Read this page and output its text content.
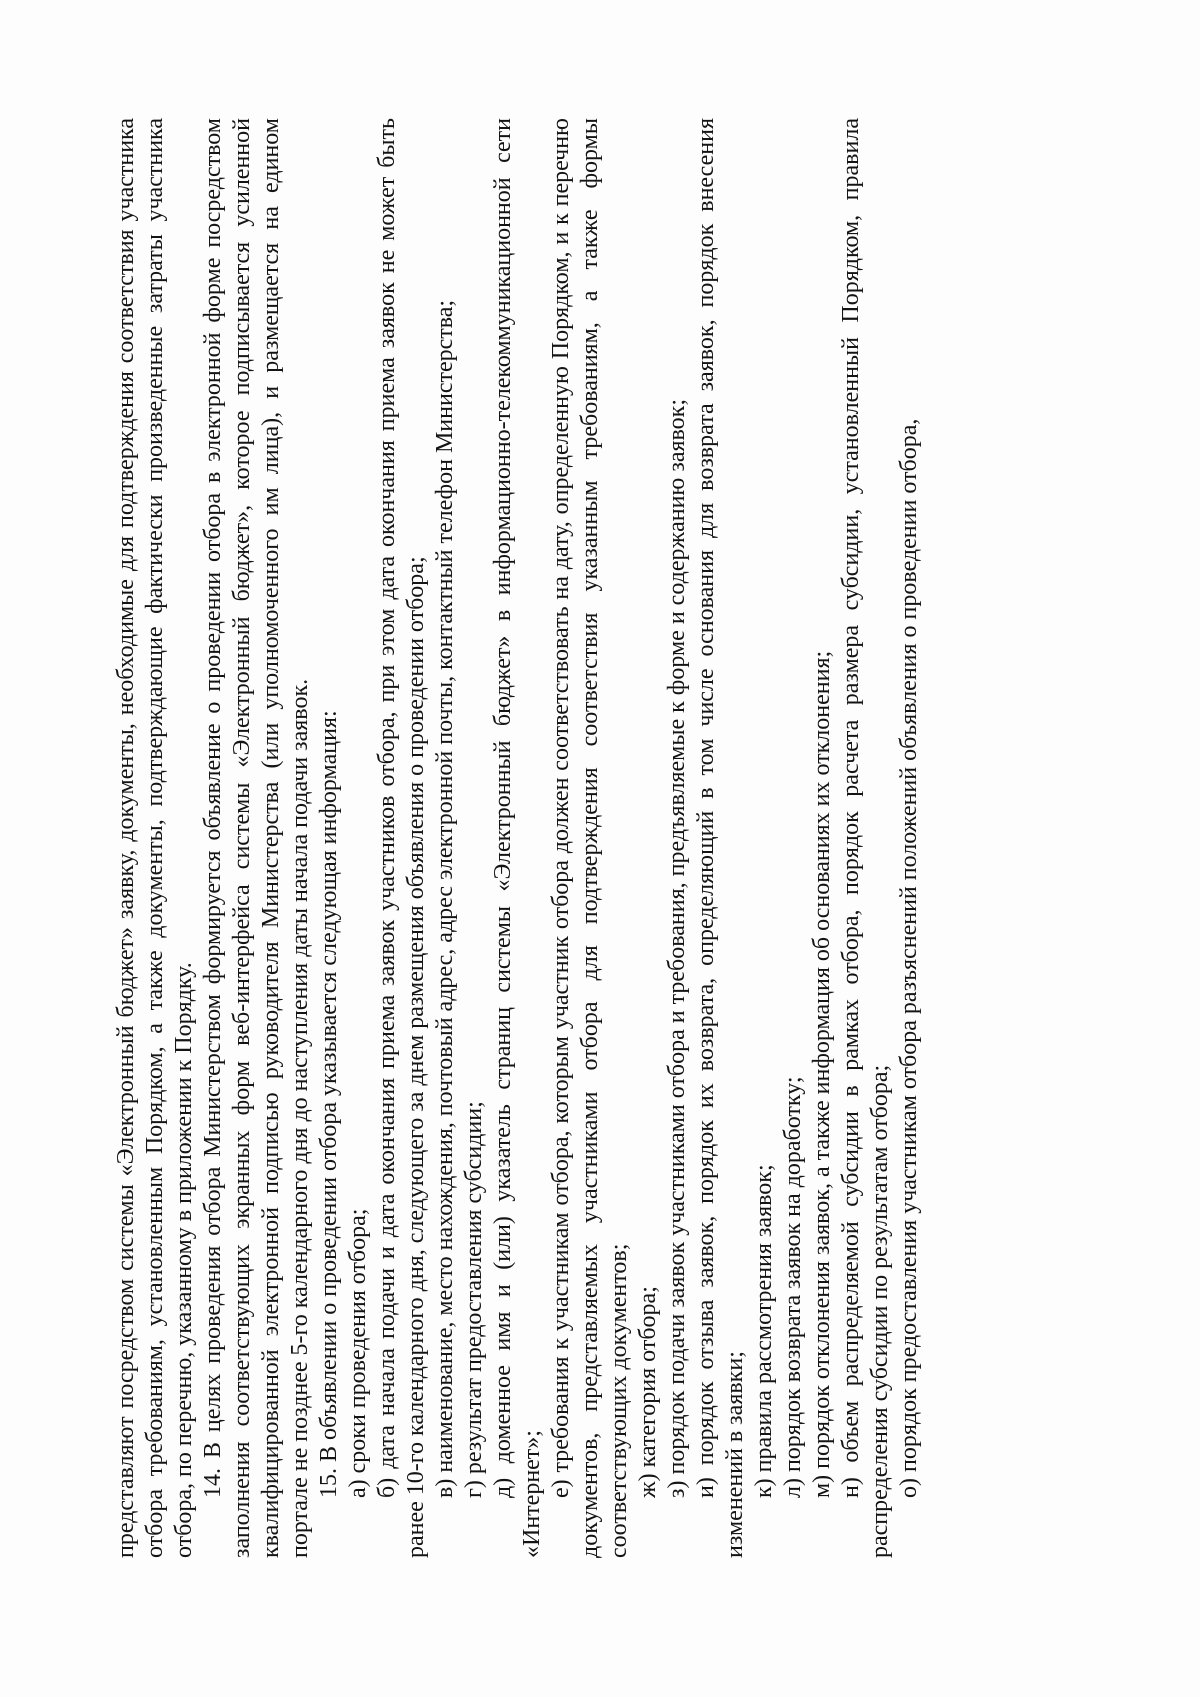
представляют посредством системы «Электронный бюджет» заявку, документы, необходимые для подтверждения соответствия участника отбора требованиям, установленным Порядком, а также документы, подтверждающие фактически произведенные затраты участника отбора, по перечню, указанному в приложении к Порядку. 14. В целях проведения отбора Министерством формируется объявление о проведении отбора в электронной форме посредством заполнения соответствующих экранных форм веб-интерфейса системы «Электронный бюджет», которое подписывается усиленной квалифицированной электронной подписью руководителя Министерства (или уполномоченного им лица), и размещается на едином портале не позднее 5-го календарного дня до наступления даты начала подачи заявок. 15. В объявлении о проведении отбора указывается следующая информация: а) сроки проведения отбора; б) дата начала подачи и дата окончания приема заявок участников отбора, при этом дата окончания приема заявок не может быть ранее 10-го календарного дня, следующего за днем размещения объявления о проведении отбора; в) наименование, место нахождения, почтовый адрес, адрес электронной почты, контактный телефон Министерства; г) результат предоставления субсидии; д) доменное имя и (или) указатель страниц системы «Электронный бюджет» в информационно-телекоммуникационной сети «Интернет»; е) требования к участникам отбора, которым участник отбора должен соответствовать на дату, определенную Порядком, и к перечню документов, представляемых участниками отбора для подтверждения соответствия указанным требованиям, а также формы соответствующих документов; ж) категория отбора; з) порядок подачи заявок участниками отбора и требования, предъявляемые к форме и содержанию заявок; и) порядок отзыва заявок, порядок их возврата, определяющий в том числе основания для возврата заявок, порядок внесения изменений в заявки; к) правила рассмотрения заявок; л) порядок возврата заявок на доработку; м) порядок отклонения заявок, а также информация об основаниях их отклонения; н) объем распределяемой субсидии в рамках отбора, порядок расчета размера субсидии, установленный Порядком, правила распределения субсидии по результатам отбора; о) порядок предоставления участникам отбора разъяснений положений объявления о проведении отбора,
